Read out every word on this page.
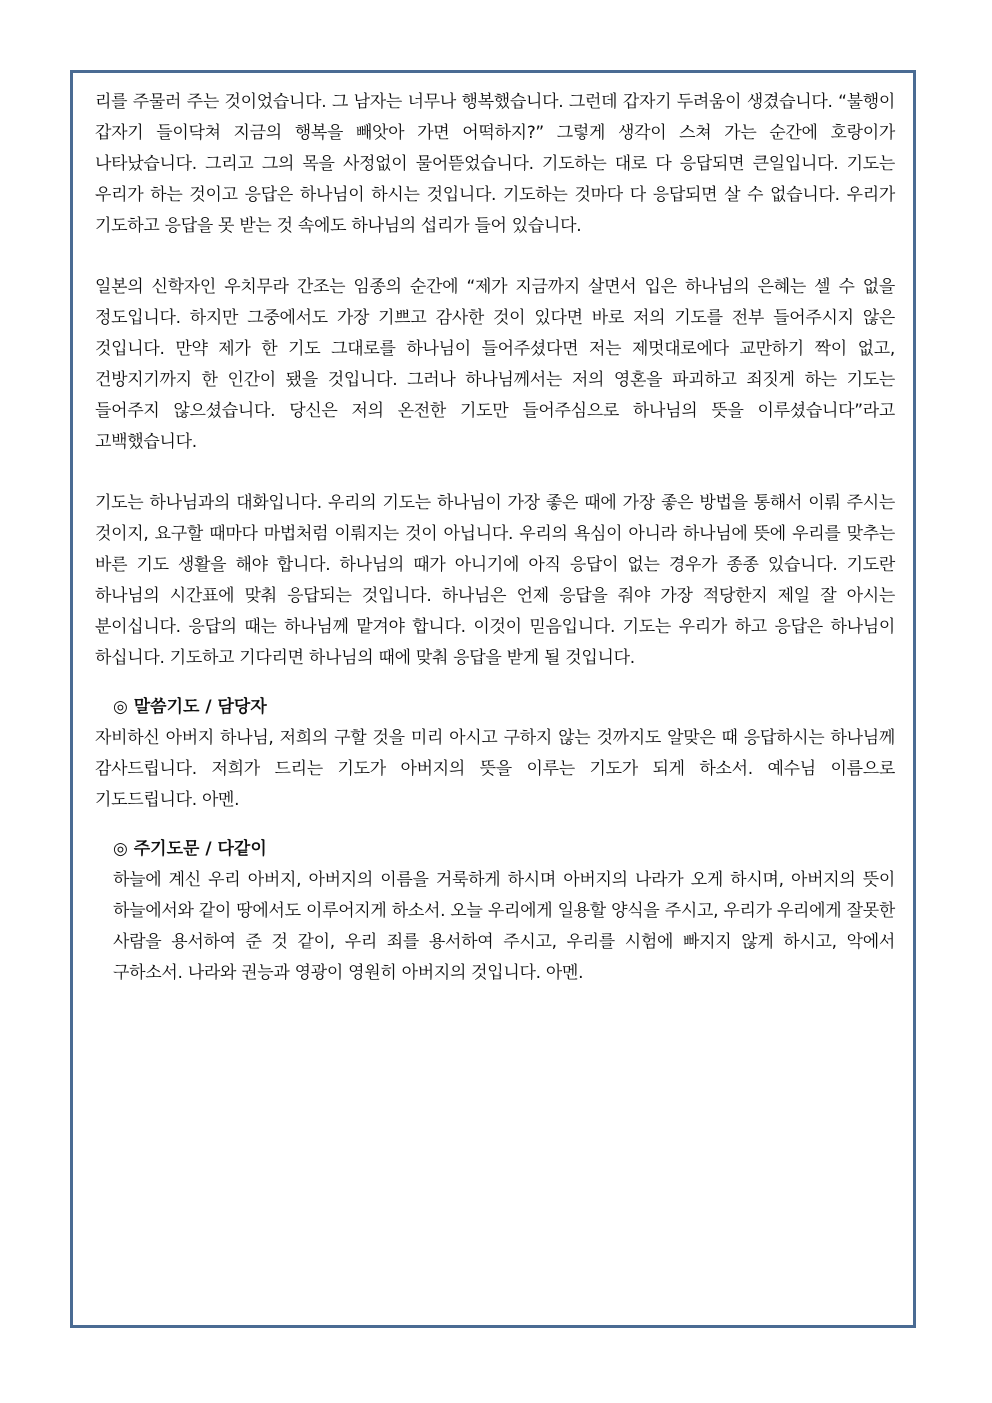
리를 주물러 주는 것이었습니다. 그 남자는 너무나 행복했습니다. 그런데 갑자기 두려움이 생겼습니다. “불행이 갑자기 들이닥쳐 지금의 행복을 빼앗아 가면 어떡하지?” 그렇게 생각이 스쳐 가는 순간에 호랑이가 나타났습니다. 그리고 그의 목을 사정없이 물어뜯었습니다. 기도하는 대로 다 응답되면 큰일입니다. 기도는 우리가 하는 것이고 응답은 하나님이 하시는 것입니다. 기도하는 것마다 다 응답되면 살 수 없습니다. 우리가 기도하고 응답을 못 받는 것 속에도 하나님의 섭리가 들어 있습니다.

일본의 신학자인 우치무라 간조는 임종의 순간에 “제가 지금까지 살면서 입은 하나님의 은혜는 셀 수 없을 정도입니다. 하지만 그중에서도 가장 기쁘고 감사한 것이 있다면 바로 저의 기도를 전부 들어주시지 않은 것입니다. 만약 제가 한 기도 그대로를 하나님이 들어주셨다면 저는 제멋대로에다 교만하기 짝이 없고, 건방지기까지 한 인간이 됐을 것입니다. 그러나 하나님께서는 저의 영혼을 파괴하고 죄짓게 하는 기도는 들어주지 않으셨습니다. 당신은 저의 온전한 기도만 들어주심으로 하나님의 뜻을 이루셨습니다”라고 고백했습니다.

기도는 하나님과의 대화입니다. 우리의 기도는 하나님이 가장 좋은 때에 가장 좋은 방법을 통해서 이뤄 주시는 것이지, 요구할 때마다 마법처럼 이뤄지는 것이 아닙니다. 우리의 욕심이 아니라 하나님에 뜻에 우리를 맞추는 바른 기도 생활을 해야 합니다. 하나님의 때가 아니기에 아직 응답이 없는 경우가 종종 있습니다. 기도란 하나님의 시간표에 맞춰 응답되는 것입니다. 하나님은 언제 응답을 줘야 가장 적당한지 제일 잘 아시는 분이십니다. 응답의 때는 하나님께 맡겨야 합니다. 이것이 믿음입니다. 기도는 우리가 하고 응답은 하나님이 하십니다. 기도하고 기다리면 하나님의 때에 맞춰 응답을 받게 될 것입니다.

◎ 말씀기도 / 담당자

자비하신 아버지 하나님, 저희의 구할 것을 미리 아시고 구하지 않는 것까지도 알맞은 때 응답하시는 하나님께 감사드립니다. 저희가 드리는 기도가 아버지의 뜻을 이루는 기도가 되게 하소서. 예수님 이름으로 기도드립니다. 아멘.

◎ 주기도문 / 다같이

하늘에 계신 우리 아버지, 아버지의 이름을 거룩하게 하시며 아버지의 나라가 오게 하시며, 아버지의 뜻이 하늘에서와 같이 땅에서도 이루어지게 하소서. 오늘 우리에게 일용할 양식을 주시고, 우리가 우리에게 잘못한 사람을 용서하여 준 것 같이, 우리 죄를 용서하여 주시고, 우리를 시험에 빠지지 않게 하시고, 악에서 구하소서. 나라와 권능과 영광이 영원히 아버지의 것입니다. 아멘.
